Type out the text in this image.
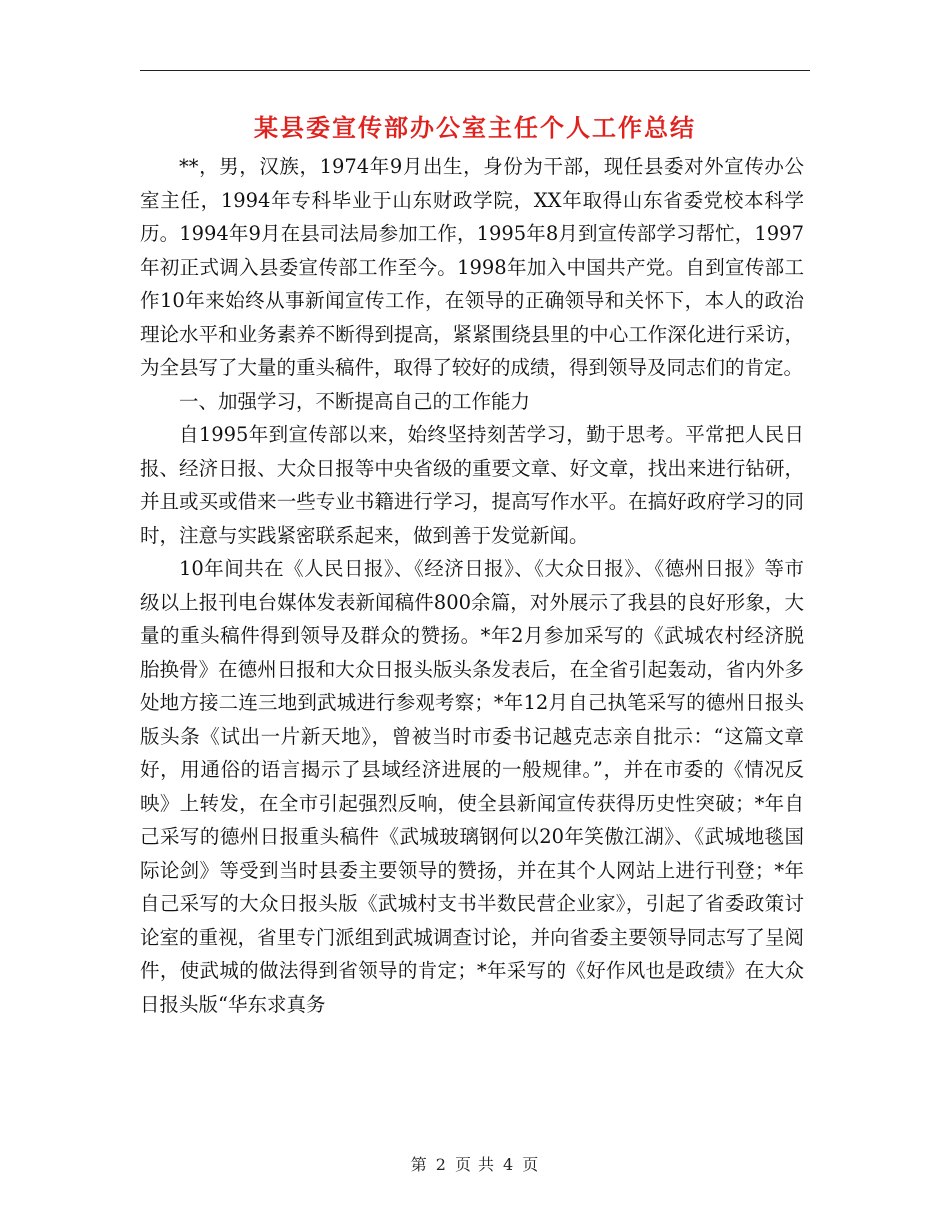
某县委宣传部办公室主任个人工作总结

**，男，汉族，1974年9月出生，身份为干部，现任县委对外宣传办公室主任，1994年专科毕业于山东财政学院，XX年取得山东省委党校本科学历。1994年9月在县司法局参加工作，1995年8月到宣传部学习帮忙，1997年初正式调入县委宣传部工作至今。1998年加入中国共产党。自到宣传部工作10年来始终从事新闻宣传工作，在领导的正确领导和关怀下，本人的政治理论水平和业务素养不断得到提高，紧紧围绕县里的中心工作深化进行采访，为全县写了大量的重头稿件，取得了较好的成绩，得到领导及同志们的肯定。

一、加强学习，不断提高自己的工作能力

自1995年到宣传部以来，始终坚持刻苦学习，勤于思考。平常把人民日报、经济日报、大众日报等中央省级的重要文章、好文章，找出来进行钻研，并且或买或借来一些专业书籍进行学习，提高写作水平。在搞好政府学习的同时，注意与实践紧密联系起来，做到善于发觉新闻。

10年间共在《人民日报》、《经济日报》、《大众日报》、《德州日报》等市级以上报刊电台媒体发表新闻稿件800余篇，对外展示了我县的良好形象，大量的重头稿件得到领导及群众的赞扬。*年2月参加采写的《武城农村经济脱胎换骨》在德州日报和大众日报头版头条发表后，在全省引起轰动，省内外多处地方接二连三地到武城进行参观考察；*年12月自己执笔采写的德州日报头版头条《试出一片新天地》，曾被当时市委书记越克志亲自批示：“这篇文章好，用通俗的语言揭示了县域经济进展的一般规律。”，并在市委的《情况反映》上转发，在全市引起强烈反响，使全县新闻宣传获得历史性突破；*年自己采写的德州日报重头稿件《武城玻璃钢何以20年笑傲江湖》、《武城地毯国际论剑》等受到当时县委主要领导的赞扬，并在其个人网站上进行刊登；*年自己采写的大众日报头版《武城村支书半数民营企业家》，引起了省委政策讨论室的重视，省里专门派组到武城调查讨论，并向省委主要领导同志写了呈阅件，使武城的做法得到省领导的肯定；*年采写的《好作风也是政绩》在大众日报头版“华东求真务

第 2 页 共 4 页
